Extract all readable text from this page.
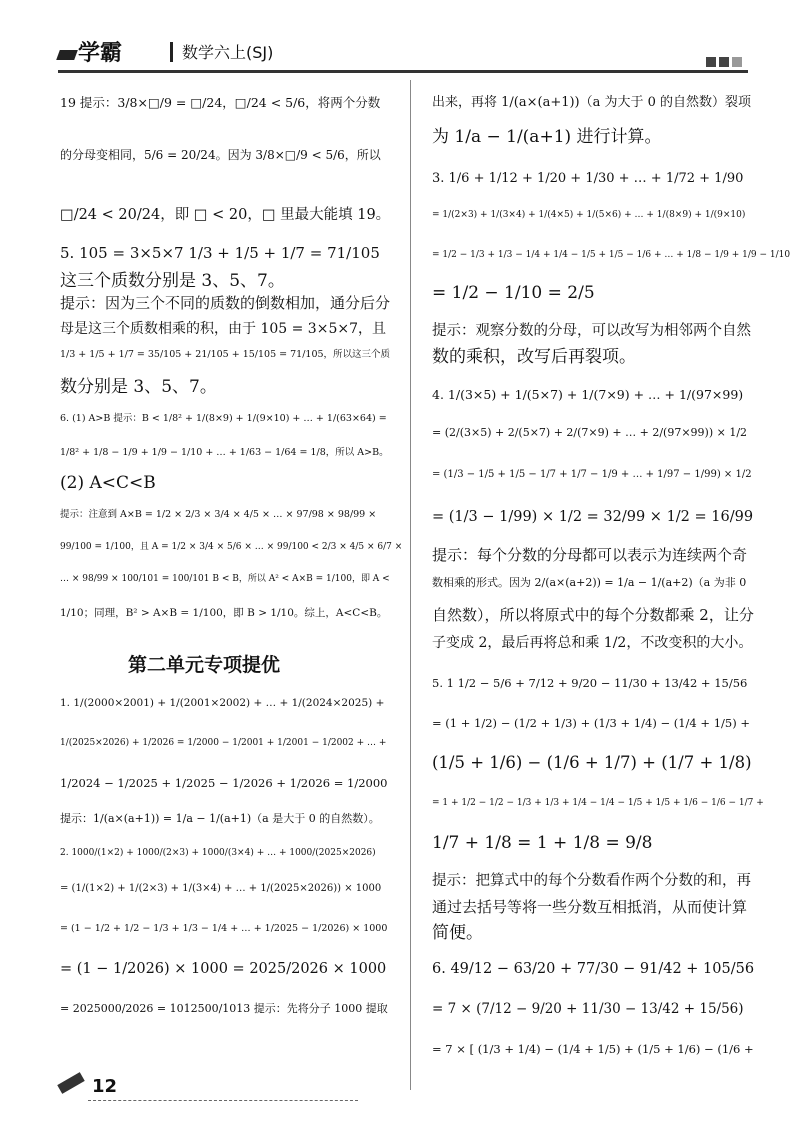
学霸	数学六上(SJ)
19 提示：3/8×□/9 = □/24，□/24 < 5/6，将两个分数
的分母变相同，5/6 = 20/24。因为 3/8×□/9 < 5/6，所以
□/24 < 20/24，即 □ < 20，□ 里最大能填 19。
5. 105 = 3×5×7 1/3 + 1/5 + 1/7 = 71/105
这三个质数分别是 3、5、7。
提示：因为三个不同的质数的倒数相加，通分后分
母是这三个质数相乘的积，由于 105 = 3×5×7，且
1/3 + 1/5 + 1/7 = 35/105 + 21/105 + 15/105 = 71/105，所以这三个质
数分别是 3、5、7。
6. (1) A>B 提示：B < 1/8² + 1/(8×9) + 1/(9×10) + … + 1/(63×64) =
1/8² + 1/8 − 1/9 + 1/9 − 1/10 + … + 1/63 − 1/64 = 1/8，所以 A>B。
(2) A<C<B
提示：注意到 A×B = 1/2 × 2/3 × 3/4 × 4/5 × … × 97/98 × 98/99 ×
99/100 = 1/100，且 A = 1/2 × 3/4 × 5/6 × … × 99/100 < 2/3 × 4/5 × 6/7 ×
… × 98/99 × 100/101 = 100/101 B < B，所以 A² < A×B = 1/100，即 A <
1/10；同理，B² > A×B = 1/100，即 B > 1/10。综上，A<C<B。
第二单元专项提优
1. 1/(2000×2001) + 1/(2001×2002) + … + 1/(2024×2025) +
1/(2025×2026) + 1/2026 = 1/2000 − 1/2001 + 1/2001 − 1/2002 + … +
1/2024 − 1/2025 + 1/2025 − 1/2026 + 1/2026 = 1/2000
提示：1/(a×(a+1)) = 1/a − 1/(a+1)（a 是大于 0 的自然数）。
2. 1000/(1×2) + 1000/(2×3) + 1000/(3×4) + … + 1000/(2025×2026)
= (1/(1×2) + 1/(2×3) + 1/(3×4) + … + 1/(2025×2026)) × 1000
= (1 − 1/2 + 1/2 − 1/3 + 1/3 − 1/4 + … + 1/2025 − 1/2026) × 1000
= (1 − 1/2026) × 1000 = 2025/2026 × 1000
= 2025000/2026 = 1012500/1013 提示：先将分子 1000 提取
出来，再将 1/(a×(a+1))（a 为大于 0 的自然数）裂项
为 1/a − 1/(a+1) 进行计算。
3. 1/6 + 1/12 + 1/20 + 1/30 + … + 1/72 + 1/90
= 1/(2×3) + 1/(3×4) + 1/(4×5) + 1/(5×6) + … + 1/(8×9) + 1/(9×10)
= 1/2 − 1/3 + 1/3 − 1/4 + 1/4 − 1/5 + 1/5 − 1/6 + … + 1/8 − 1/9 + 1/9 − 1/10
= 1/2 − 1/10 = 2/5
提示：观察分数的分母，可以改写为相邻两个自然
数的乘积，改写后再裂项。
4. 1/(3×5) + 1/(5×7) + 1/(7×9) + … + 1/(97×99)
= (2/(3×5) + 2/(5×7) + 2/(7×9) + … + 2/(97×99)) × 1/2
= (1/3 − 1/5 + 1/5 − 1/7 + 1/7 − 1/9 + … + 1/97 − 1/99) × 1/2
= (1/3 − 1/99) × 1/2 = 32/99 × 1/2 = 16/99
提示：每个分数的分母都可以表示为连续两个奇
数相乘的形式。因为 2/(a×(a+2)) = 1/a − 1/(a+2)（a 为非 0
自然数），所以将原式中的每个分数都乘 2，让分
子变成 2，最后再将总和乘 1/2，不改变积的大小。
5. 1 1/2 − 5/6 + 7/12 + 9/20 − 11/30 + 13/42 + 15/56
= (1 + 1/2) − (1/2 + 1/3) + (1/3 + 1/4) − (1/4 + 1/5) +
(1/5 + 1/6) − (1/6 + 1/7) + (1/7 + 1/8)
= 1 + 1/2 − 1/2 − 1/3 + 1/3 + 1/4 − 1/4 − 1/5 + 1/5 + 1/6 − 1/6 − 1/7 +
1/7 + 1/8 = 1 + 1/8 = 9/8
提示：把算式中的每个分数看作两个分数的和，再
通过去括号等将一些分数互相抵消，从而使计算
简便。
6. 49/12 − 63/20 + 77/30 − 91/42 + 105/56
= 7 × (7/12 − 9/20 + 11/30 − 13/42 + 15/56)
= 7 × [ (1/3 + 1/4) − (1/4 + 1/5) + (1/5 + 1/6) − (1/6 +
12
